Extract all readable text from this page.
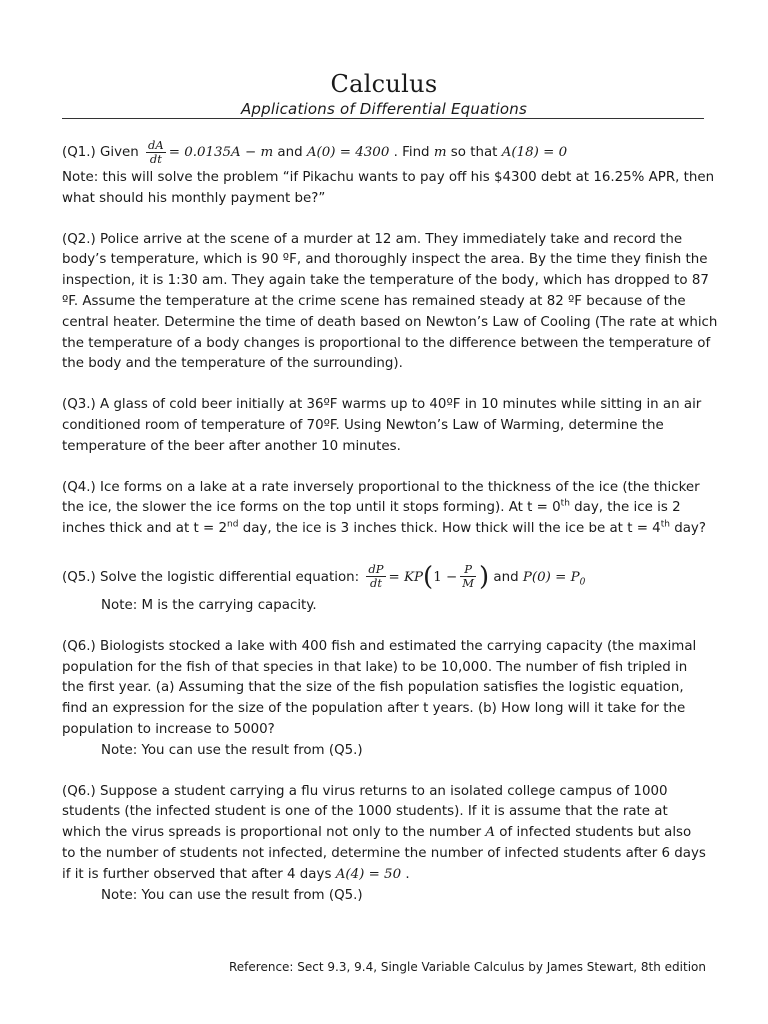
Calculus
Applications of Differential Equations
(Q1.) Given $\frac{dA}{dt} = 0.0135A - m$ and A(0) = 4300 . Find m so that A(18) = 0
Note: this will solve the problem “if Pikachu wants to pay off his $4300 debt at 16.25% APR, then
what should his monthly payment be?”
(Q2.) Police arrive at the scene of a murder at 12 am. They immediately take and record the
body’s temperature, which is 90 ºF, and thoroughly inspect the area. By the time they finish the
inspection, it is 1:30 am. They again take the temperature of the body, which has dropped to 87
ºF. Assume the temperature at the crime scene has remained steady at 82 ºF because of the
central heater. Determine the time of death based on Newton’s Law of Cooling (The rate at which
the temperature of a body changes is proportional to the difference between the temperature of
the body and the temperature of the surrounding).
(Q3.) A glass of cold beer initially at 36ºF warms up to 40ºF in 10 minutes while sitting in an air
conditioned room of temperature of 70ºF. Using Newton’s Law of Warming, determine the
temperature of the beer after another 10 minutes.
(Q4.) Ice forms on a lake at a rate inversely proportional to the thickness of the ice (the thicker
the ice, the slower the ice forms on the top until it stops forming). At t = 0th day, the ice is 2
inches thick and at t = 2nd day, the ice is 3 inches thick. How thick will the ice be at t = 4th day?
(Q5.) Solve the logistic differential equation: $\frac{dP}{dt} = KP(1 - \frac{P}{M}$ ) and $P(0) = P_0$
Note: M is the carrying capacity.
(Q6.) Biologists stocked a lake with 400 fish and estimated the carrying capacity (the maximal
population for the fish of that species in that lake) to be 10,000. The number of fish tripled in
the first year. (a) Assuming that the size of the fish population satisfies the logistic equation,
find an expression for the size of the population after t years. (b) How long will it take for the
population to increase to 5000?
Note: You can use the result from (Q5.)
(Q6.) Suppose a student carrying a flu virus returns to an isolated college campus of 1000
students (the infected student is one of the 1000 students). If it is assume that the rate at
which the virus spreads is proportional not only to the number A of infected students but also
to the number of students not infected, determine the number of infected students after 6 days
if it is further observed that after 4 days A(4) = 50 .
Note: You can use the result from (Q5.)
Reference: Sect 9.3, 9.4, Single Variable Calculus by James Stewart, 8th edition
